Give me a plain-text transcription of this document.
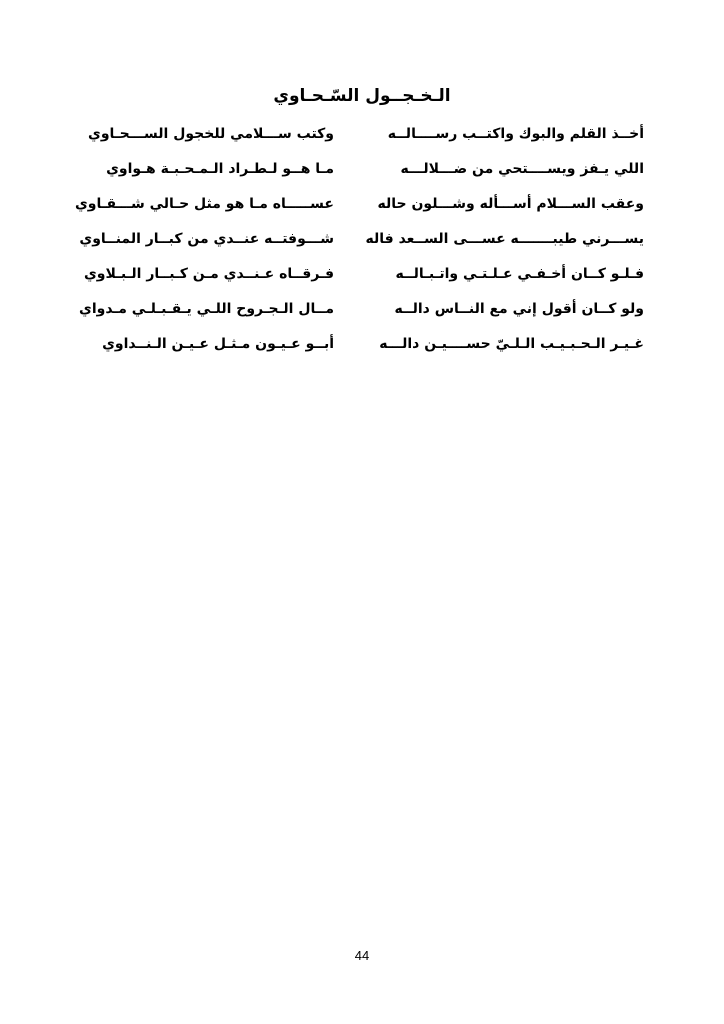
الـخـجــول السّـحـاوي
أخــذ القلم والبوك واكتــب رســــالــه
وكتب ســـلامي للخجول الســـحـاوي
اللي يـفز ويســــتحي من ضـــلالـــه
مـا هــو لـطـراد الـمـحـبـة هـواوي
وعقب الســـلام أســـأله وشـــلون حاله
عســـــاه مـا هو مثل حـالي شـــقـاوي
يســـرني طيبـــــــه عســـى الســعد فاله
شـــوفتــه عنــدي من كبــار المنــاوي
فـلـو كــان أخـفـي عـلـتـي واتـبـالــه
فـرقــاه عـنــدي مـن كـبــار الـبـلاوي
ولو كــان أقول إني مع النــاس دالــه
مــال الـجـروح اللـي يـقـبـلـي مـدواي
غـيـر الـحـبـيـب الـلـيّ حســــيـن دالـــه
أبــو عـيـون مـثـل عـيـن الـنــداوي
44
